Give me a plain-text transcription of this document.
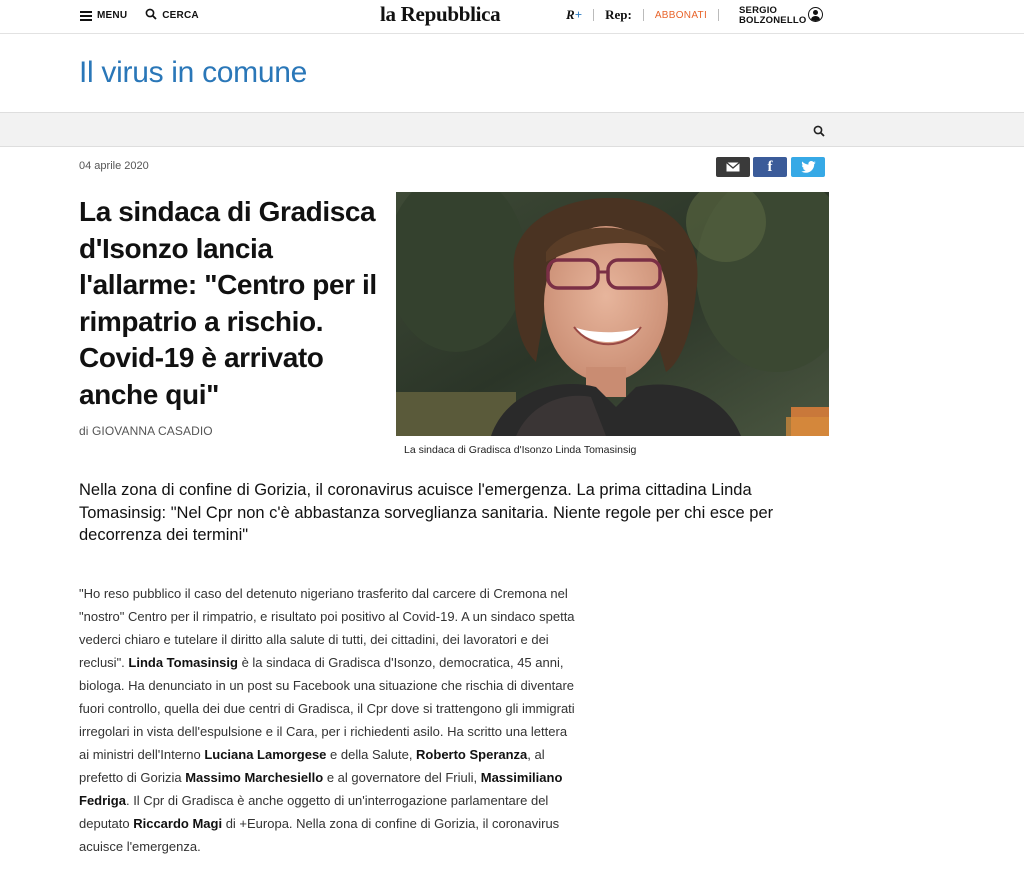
MENU	CERCA	la Repubblica	R+ Rep: ABBONATI	SERGIO
BOLZONELLO
Il virus in comune
04 aprile 2020	f
La sindaca di Gradisca d'Isonzo lancia l'allarme: "Centro per il rimpatrio a rischio. Covid-19 è arrivato anche qui"
di GIOVANNA CASADIO
La sindaca di Gradisca d'Isonzo Linda Tomasinsig

Nella zona di confine di Gorizia, il coronavirus acuisce l'emergenza. La prima cittadina Linda Tomasinsig: "Nel Cpr non c'è abbastanza sorveglianza sanitaria. Niente regole per chi esce per decorrenza dei termini"

"Ho reso pubblico il caso del detenuto nigeriano trasferito dal carcere di Cremona nel "nostro" Centro per il rimpatrio, e risultato poi positivo al Covid-19. A un sindaco spetta vederci chiaro e tutelare il diritto alla salute di tutti, dei cittadini, dei lavoratori e dei reclusi". Linda Tomasinsig è la sindaca di Gradisca d'Isonzo, democratica, 45 anni, biologa. Ha denunciato in un post su Facebook una situazione che rischia di diventare fuori controllo, quella dei due centri di Gradisca, il Cpr dove si trattengono gli immigrati irregolari in vista dell'espulsione e il Cara, per i richiedenti asilo. Ha scritto una lettera ai ministri dell'Interno Luciana Lamorgese e della Salute, Roberto Speranza, al prefetto di Gorizia Massimo Marchesiello e al governatore del Friuli, Massimiliano Fedriga. Il Cpr di Gradisca è anche oggetto di un'interrogazione parlamentare del deputato Riccardo Magi di +Europa. Nella zona di confine di Gorizia, il coronavirus acuisce l'emergenza.
